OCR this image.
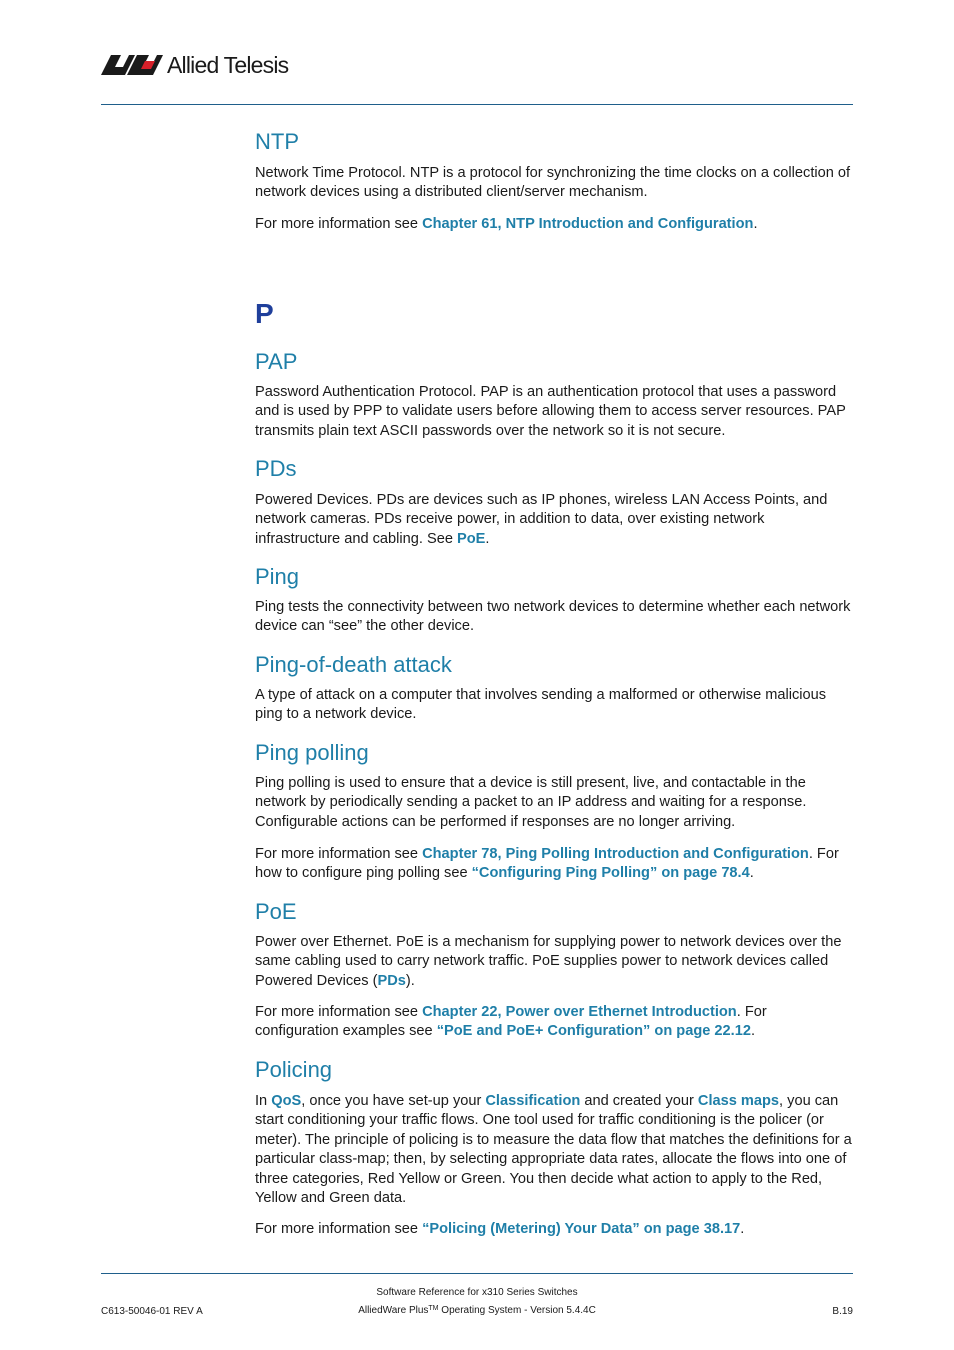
Allied Telesis
NTP
Network Time Protocol. NTP is a protocol for synchronizing the time clocks on a collection of network devices using a distributed client/server mechanism.
For more information see Chapter 61, NTP Introduction and Configuration.
P
PAP
Password Authentication Protocol. PAP is an authentication protocol that uses a password and is used by PPP to validate users before allowing them to access server resources. PAP transmits plain text ASCII passwords over the network so it is not secure.
PDs
Powered Devices. PDs are devices such as IP phones, wireless LAN Access Points, and network cameras. PDs receive power, in addition to data, over existing network infrastructure and cabling. See PoE.
Ping
Ping tests the connectivity between two network devices to determine whether each network device can “see” the other device.
Ping-of-death attack
A type of attack on a computer that involves sending a malformed or otherwise malicious ping to a network device.
Ping polling
Ping polling is used to ensure that a device is still present, live, and contactable in the network by periodically sending a packet to an IP address and waiting for a response. Configurable actions can be performed if responses are no longer arriving.
For more information see Chapter 78, Ping Polling Introduction and Configuration. For how to configure ping polling see “Configuring Ping Polling” on page 78.4.
PoE
Power over Ethernet. PoE is a mechanism for supplying power to network devices over the same cabling used to carry network traffic. PoE supplies power to network devices called Powered Devices (PDs).
For more information see Chapter 22, Power over Ethernet Introduction. For configuration examples see “PoE and PoE+ Configuration” on page 22.12.
Policing
In QoS, once you have set-up your Classification and created your Class maps, you can start conditioning your traffic flows. One tool used for traffic conditioning is the policer (or meter). The principle of policing is to measure the data flow that matches the definitions for a particular class-map; then, by selecting appropriate data rates, allocate the flows into one of three categories, Red Yellow or Green. You then decide what action to apply to the Red, Yellow and Green data.
For more information see “Policing (Metering) Your Data” on page 38.17.
Software Reference for x310 Series Switches
AlliedWare Plus™ Operating System - Version 5.4.4C
C613-50046-01 REV A	B.19
